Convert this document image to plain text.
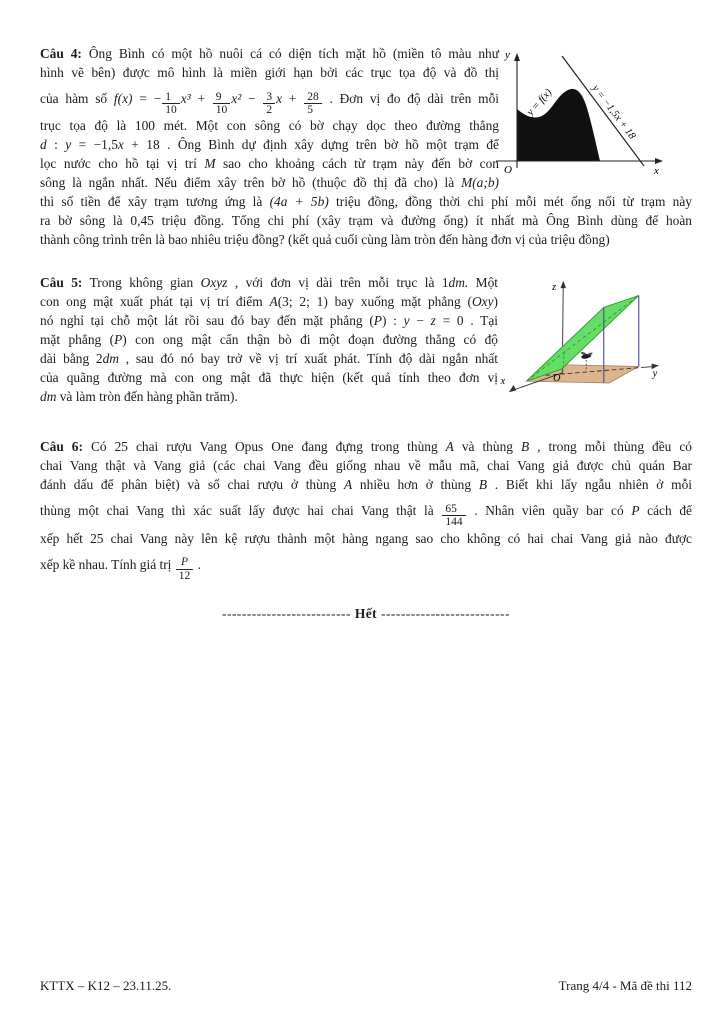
y
x
O
y = f(x)	y = −1,5x + 18
Câu 4: Ông Bình có một hồ nuôi cá có diện tích mặt hồ (miền tô màu như
hình vẽ bên) được mô hình là miền giới hạn bởi các trục tọa độ và đồ thị
của hàm số f(x) = − $\frac{1}{10} x^3 + \frac{9}{10} x^2 - \frac{3}{2}$ $x + \frac{28}{5}$ . Đơn vị đo độ dài trên mỗi
trục tọa độ là 100 mét. Một con sông có bờ chạy dọc theo đường thẳng
d : y = −1,5x + 18 . Ông Bình dự định xây dựng trên bờ hồ một trạm để
lọc nước cho hồ tại vị trí M sao cho khoảng cách từ trạm này đến bờ con
sông là ngắn nhất. Nếu điểm xây trên bờ hồ (thuộc đồ thị đã cho) là M(a;b)
thì số tiền để xây trạm tương ứng là (4a + 5b) triệu đồng, đồng thời chi phí mỗi mét ống nối từ trạm này
ra bờ sông là 0,45 triệu đồng. Tổng chi phí (xây trạm và đường ống) ít nhất mà Ông Bình dùng để hoàn
thành công trình trên là bao nhiêu triệu đồng? (kết quả cuối cùng làm tròn đến hàng đơn vị của triệu đồng)
z
y
x	O
Câu 5: Trong không gian Oxyz , với đơn vị dài trên mỗi trục là 1dm. Một
con ong mật xuất phát tại vị trí điểm A(3; 2; 1) bay xuống mặt phẳng (Oxy)
nó nghỉ tại chỗ một lát rồi sau đó bay đến mặt phẳng (P) : y − z = 0 . Tại
mặt phẳng (P) con ong mật cẩn thận bò đi một đoạn đường thẳng có độ
dài bằng 2dm , sau đó nó bay trở về vị trí xuất phát. Tính độ dài ngắn nhất
của quãng đường mà con ong mật đã thực hiện (kết quả tính theo đơn vị
dm và làm tròn đến hàng phần trăm).
Câu 6: Có 25 chai rượu Vang Opus One đang đựng trong thùng A và thùng B , trong mỗi thùng đều có
chai Vang thật và Vang giả (các chai Vang đều giống nhau về mẫu mã, chai Vang giả được chủ quán Bar
đánh dấu để phân biệt) và số chai rượu ở thùng A nhiều hơn ở thùng B . Biết khi lấy ngẫu nhiên ở mỗi
thùng một chai Vang thì xác suất lấy được hai chai Vang thật là $\frac{65}{144}$ . Nhân viên quầy bar có P cách để
xếp hết 25 chai Vang này lên kệ rượu thành một hàng ngang sao cho không có hai chai Vang giả nào được
xếp kề nhau. Tính giá trị $\frac{P}{12}$ .
-------------------------- Hết --------------------------
KTTX – K12 – 23.11.25.	Trang 4/4 - Mã đề thi 112
